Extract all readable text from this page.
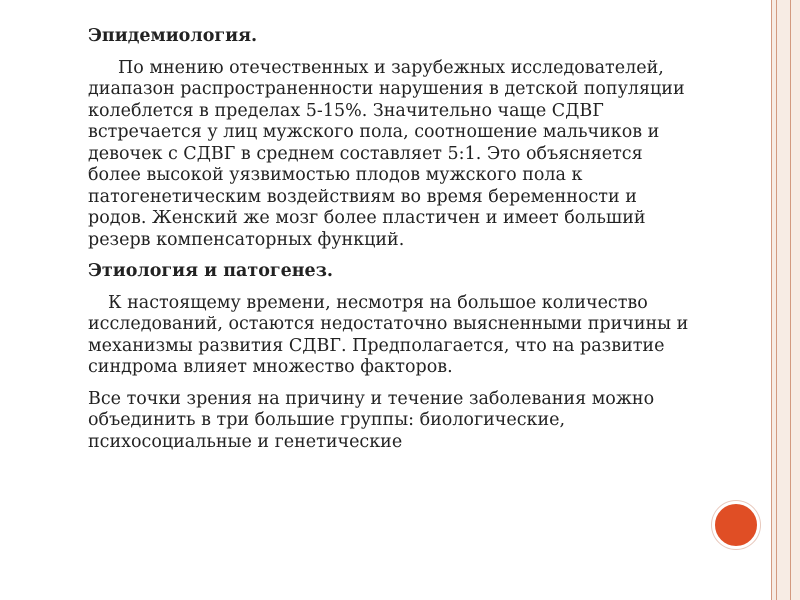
Эпидемиология.
По мнению отечественных и зарубежных исследователей, диапазон распространенности нарушения в детской популяции колеблется в пределах 5-15%. Значительно чаще СДВГ встречается у лиц мужского пола, соотношение мальчиков и девочек с СДВГ в среднем составляет 5:1. Это объясняется более высокой уязвимостью плодов мужского пола к патогенетическим воздействиям во время беременности и родов. Женский же мозг более пластичен и имеет больший резерв компенсаторных функций.
Этиология и патогенез.
К настоящему времени, несмотря на большое количество исследований, остаются недостаточно выясненными причины и механизмы развития СДВГ. Предполагается, что на развитие синдрома влияет множество факторов.
Все точки зрения на причину и течение заболевания можно объединить в три большие группы: биологические, психосоциальные и генетические
